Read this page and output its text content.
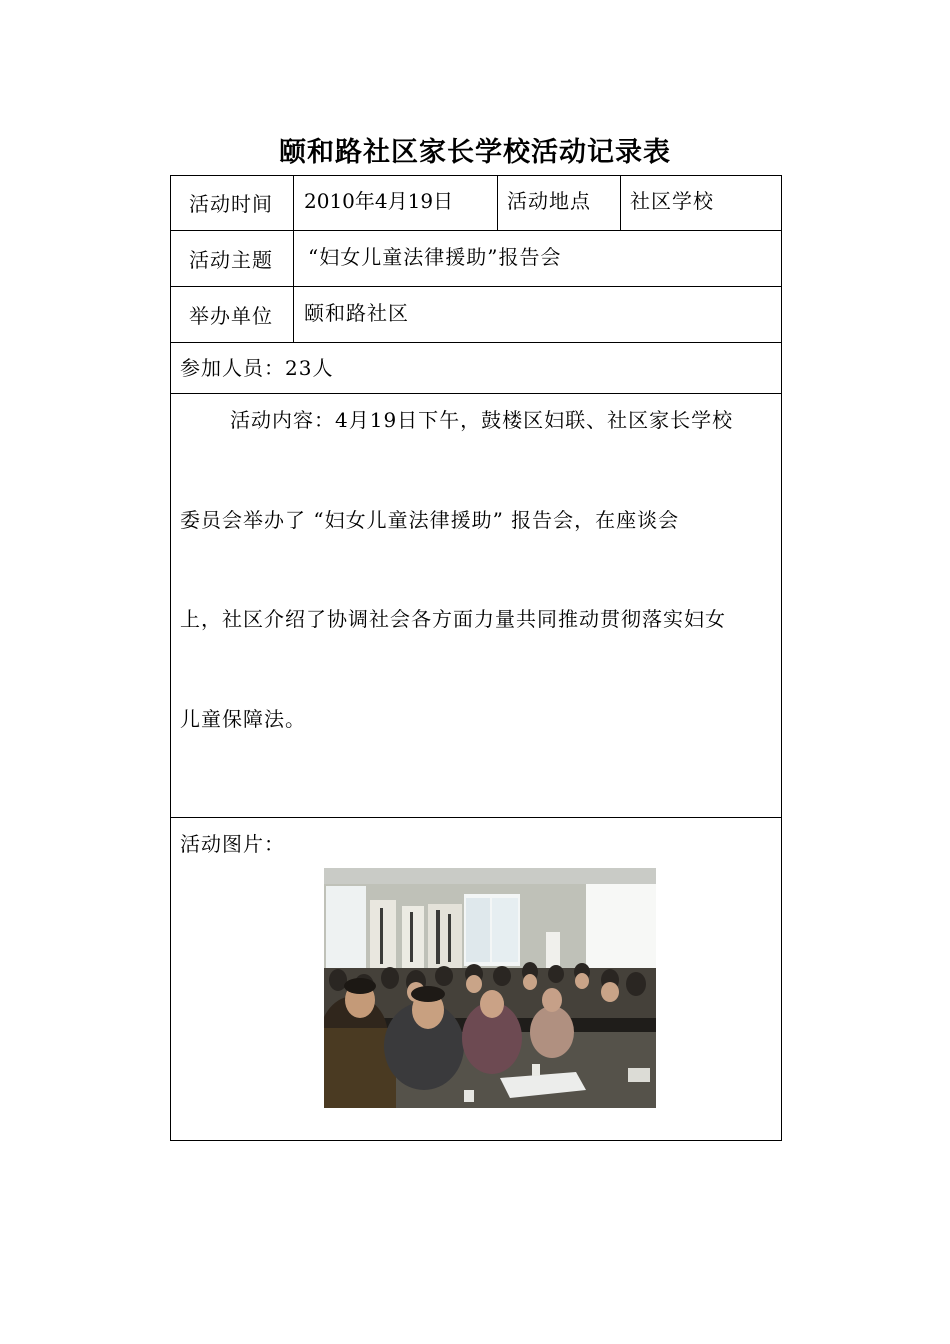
颐和路社区家长学校活动记录表
活动时间 2010年4月19日	活动地点 社区学校
活动主题 “妇女儿童法律援助”报告会
举办单位 颐和路社区
参加人员：23人
活动内容：4月19日下午，鼓楼区妇联、社区家长学校
委员会举办了 “妇女儿童法律援助” 报告会，在座谈会
上，社区介绍了协调社会各方面力量共同推动贯彻落实妇女
儿童保障法。
活动图片：
